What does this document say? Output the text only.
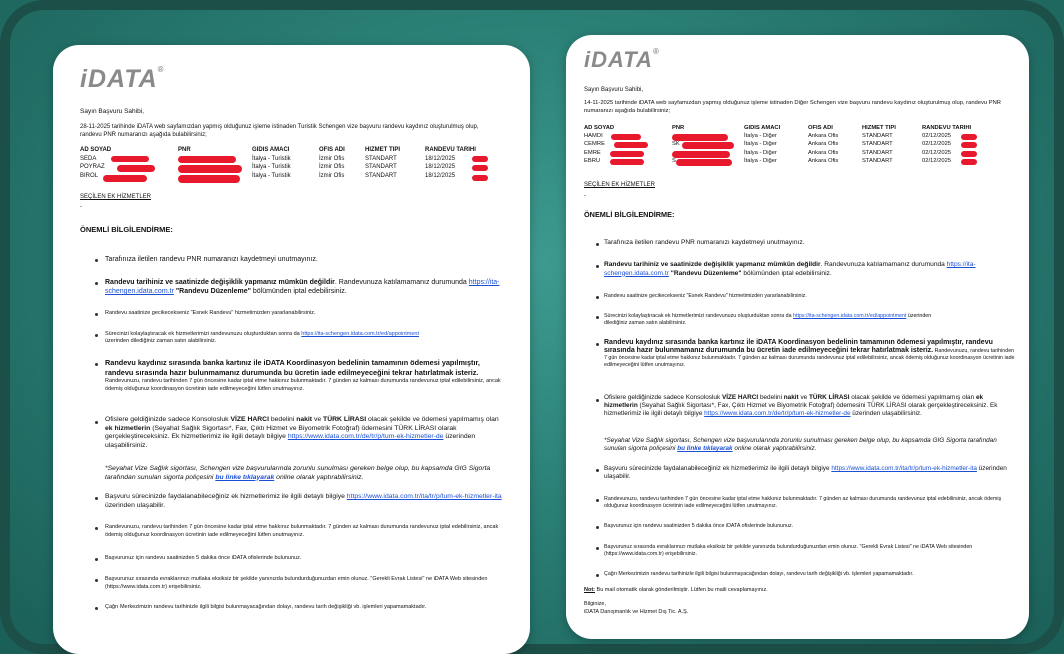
iDATA®
Sayın Başvuru Sahibi,
28-11-2025 tarihinde iDATA web sayfamızdan yapmış olduğunuz işleme istinaden Turistik Schengen vize başvuru randevu kaydınız oluşturulmuş olup, randevu PNR numaranızı aşağıda bulabilirsiniz;
AD SOYAD	PNR	GIDIS AMACI	OFIS ADI	HIZMET TIPI	RANDEVU TARIHI
SEDA		İtalya - Turistik	İzmir Ofis	STANDART	18/12/2025
POYRAZ		İtalya - Turistik	İzmir Ofis	STANDART	18/12/2025
BIROL		İtalya - Turistik	İzmir Ofis	STANDART	18/12/2025
SEÇİLEN EK HİZMETLER
-
ÖNEMLİ BİLGİLENDİRME:
Tarafınıza iletilen randevu PNR numaranızı kaydetmeyi unutmayınız.
Randevu tarihiniz ve saatinizde değişiklik yapmanız mümkün değildir. Randevunuza katılamamanız durumunda https://ita-schengen.idata.com.tr "Randevu Düzenleme" bölümünden iptal edebilirsiniz.
Randevu saatinize gecikecekseniz "Esnek Randevu" hizmetimizden yararlanabilirsiniz.
Sürecinizi kolaylaştıracak ek hizmetlerimizi randevunuzu oluşturduktan sonra da https://ita-schengen.idata.com.tr/ed/appointment üzerinden dilediğiniz zaman satın alabilirsiniz.
Randevu kaydınız sırasında banka kartınız ile iDATA Koordinasyon bedelinin tamamının ödemesi yapılmıştır, randevu sırasında hazır bulunmamanız durumunda bu ücretin iade edilmeyeceğini tekrar hatırlatmak isteriz. Randevunuzu, randevu tarihinden 7 gün öncesine kadar iptal etme hakkınız bulunmaktadır. 7 günden az kalması durumunda randevunuz iptal edilebilirsiniz, ancak ödemiş olduğunuz koordinasyon ücretinin iade edilmeyeceğini lütfen unutmayınız.
Ofislere geldiğinizde sadece Konsolosluk VİZE HARCI bedelini nakit ve TÜRK LİRASI olacak şekilde ve ödemesi yapılmamış olan ek hizmetlerin (Seyahat Sağlık Sigortası*, Fax, Çıktı Hizmet ve Biyometrik Fotoğraf) ödemesini TÜRK LİRASI olarak gerçekleştireceksiniz. Ek hizmetlerimiz ile ilgili detaylı bilgiye https://www.idata.com.tr/de/tr/p/tum-ek-hizmetler-de üzerinden ulaşabilirsiniz.
*Seyahat Vize Sağlık sigortası, Schengen vize başvurularında zorunlu sunulması gereken belge olup, bu kapsamda GIG Sigorta tarafından sunulan sigorta poliçesini bu linke tıklayarak online olarak yaptırabilirsiniz.
Başvuru sürecinizde faydalanabileceğiniz ek hizmetlerimiz ile ilgili detaylı bilgiye https://www.idata.com.tr/ita/tr/p/tum-ek-hizmetler-ita üzerinden ulaşabilir.
Randevunuzu, randevu tarihinden 7 gün öncesine kadar iptal etme hakkınız bulunmaktadır. 7 günden az kalması durumunda randevunuz iptal edebilirsiniz, ancak ödemiş olduğunuz koordinasyon ücretinin iade edilmeyeceğini lütfen unutmayınız.
Başvurunuz için randevu saatinizden 5 dakika önce iDATA ofislerinde bulununuz.
Başvurunuz sırasında evraklarınızı mutlaka eksiksiz bir şekilde yanınızda bulundurduğunuzdan emin olunuz. "Gerekli Evrak Listesi" ne iDATA Web sitesinden (https://www.idata.com.tr) erişebilirsiniz.
Çağrı Merkezimizin randevu tarihinizle ilgili bilgisi bulunmayacağından dolayı, randevu tarih değişikliği vb. işlemleri yapamamaktadır.
iDATA®
Sayın Başvuru Sahibi,
14-11-2025 tarihinde iDATA web sayfamızdan yapmış olduğunuz işleme istinaden Diğer Schengen vize başvuru randevu kaydınız oluşturulmuş olup, randevu PNR numaranızı aşağıda bulabilirsiniz;
AD SOYAD	PNR	GIDIS AMACI	OFIS ADI	HIZMET TIPI	RANDEVU TARIHI
HAMDI		İtalya - Diğer	Ankara Ofis	STANDART	02/12/2025
CEMRE	SK	İtalya - Diğer	Ankara Ofis	STANDART	02/12/2025
EMRE		İtalya - Diğer	Ankara Ofis	STANDART	02/12/2025
EBRU	S	İtalya - Diğer	Ankara Ofis	STANDART	02/12/2025
SEÇİLEN EK HİZMETLER
-
ÖNEMLİ BİLGİLENDİRME:
Tarafınıza iletilen randevu PNR numaranızı kaydetmeyi unutmayınız.
Randevu tarihiniz ve saatinizde değişiklik yapmanız mümkün değildir. Randevunuza katılamamanız durumunda https://ita-schengen.idata.com.tr "Randevu Düzenleme" bölümünden iptal edebilirsiniz.
Randevu saatinize gecikecekseniz "Esnek Randevu" hizmetimizden yararlanabilirsiniz.
Sürecinizi kolaylaştıracak ek hizmetlerimizi randevunuzu oluşturduktan sonra da https://ita-schengen.idata.com.tr/ed/appointment üzerinden dilediğiniz zaman satın alabilirsiniz.
Randevu kaydınız sırasında banka kartınız ile iDATA Koordinasyon bedelinin tamamının ödemesi yapılmıştır, randevu sırasında hazır bulunmamanız durumunda bu ücretin iade edilmeyeceğini tekrar hatırlatmak isteriz. Randevunuzu, randevu tarihinden 7 gün öncesine kadar iptal etme hakkınız bulunmaktadır. 7 günden az kalması durumunda randevunuz iptal edilebilirsiniz, ancak ödemiş olduğunuz koordinasyon ücretinin iade edilmeyeceğini lütfen unutmayınız.
Ofislere geldiğinizde sadece Konsolosluk VİZE HARCI bedelini nakit ve TÜRK LİRASI olacak şekilde ve ödemesi yapılmamış olan ek hizmetlerin (Seyahat Sağlık Sigortası*, Fax, Çıktı Hizmet ve Biyometrik Fotoğraf) ödemesini TÜRK LİRASI olarak gerçekleştireceksiniz. Ek hizmetlerimiz ile ilgili detaylı bilgiye https://www.idata.com.tr/de/tr/p/tum-ek-hizmetler-de üzerinden ulaşabilirsiniz.
*Seyahat Vize Sağlık sigortası, Schengen vize başvurularında zorunlu sunulması gereken belge olup, bu kapsamda GIG Sigorta tarafından sunulan sigorta poliçesini bu linke tıklayarak online olarak yaptırabilirsiniz.
Başvuru sürecinizde faydalanabileceğiniz ek hizmetlerimiz ile ilgili detaylı bilgiye https://www.idata.com.tr/ita/tr/p/tum-ek-hizmetler-ita üzerinden ulaşabilir.
Randevunuzu, randevu tarihinden 7 gün öncesine kadar iptal etme hakkınız bulunmaktadır. 7 günden az kalması durumunda randevunuz iptal edebilirsiniz, ancak ödemiş olduğunuz koordinasyon ücretinin iade edilmeyeceğini lütfen unutmayınız.
Başvurunuz için randevu saatinizden 5 dakika önce iDATA ofislerinde bulununuz.
Başvurunuz sırasında evraklarınızı mutlaka eksiksiz bir şekilde yanınızda bulundurduğunuzdan emin olunuz. "Gerekli Evrak Listesi" ne iDATA Web sitesinden (https://www.idata.com.tr) erişebilirsiniz.
Çağrı Merkezimizin randevu tarihinizle ilgili bilgisi bulunmayacağından dolayı, randevu tarih değişikliği vb. işlemleri yapamamaktadır.
Not: Bu mail otomatik olarak gönderilmiştir. Lütfen bu maili cevaplamayınız.
Bilginize,
iDATA Danışmanlık ve Hizmet Dış Tic. A.Ş.
